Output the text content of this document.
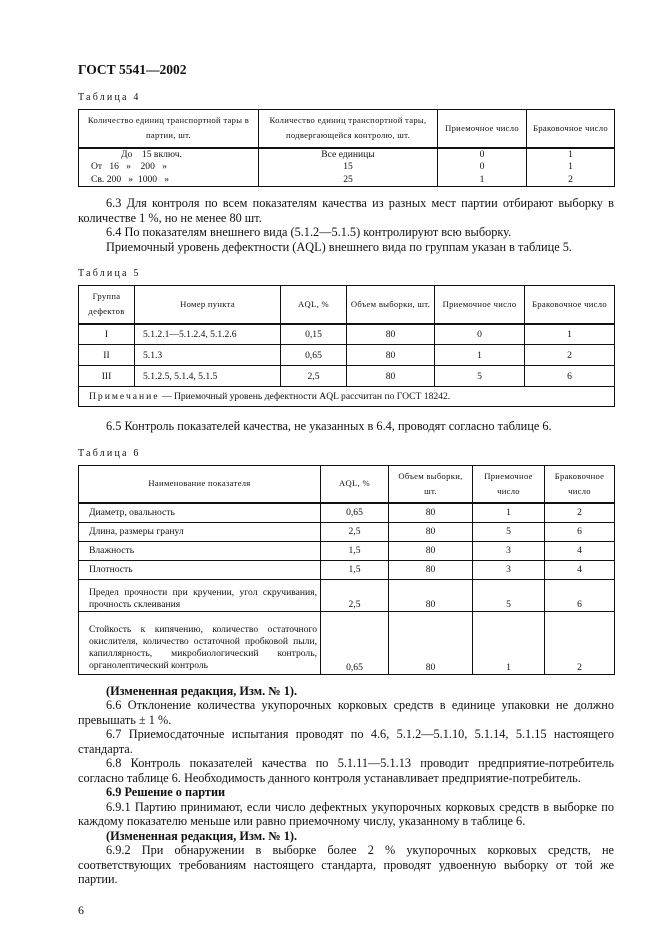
ГОСТ 5541—2002
Таблица 4
Количество единиц транспортной тары в партии, шт.	Количество единиц транспортной тары, подвергающейся контролю, шт.	Приемочное число	Браковочное число
До    15 включ.	Все единицы	0	1
От   16   »    200   »	15	0	1
Св. 200   »  1000   »	25	1	2
6.3 Для контроля по всем показателям качества из разных мест партии отбирают выборку в количестве 1 %, но не менее 80 шт.
6.4 По показателям внешнего вида (5.1.2—5.1.5) контролируют всю выборку.
Приемочный уровень дефектности (AQL) внешнего вида по группам указан в таблице 5.
Таблица 5
Группа дефектов	Номер пункта	AQL, %	Объем выборки, шт.	Приемочное число	Браковочное число
I	5.1.2.1—5.1.2.4, 5.1.2.6	0,15	80	0	1
II	5.1.3	0,65	80	1	2
III	5.1.2.5, 5.1.4, 5.1.5	2,5	80	5	6
Примечание — Приемочный уровень дефектности AQL рассчитан по ГОСТ 18242.					
6.5 Контроль показателей качества, не указанных в 6.4, проводят согласно таблице 6.
Таблица 6
Наименование показателя	AQL, %	Объем выборки, шт.	Приемочное число	Браковочное число
Диаметр, овальность	0,65	80	1	2
Длина, размеры гранул	2,5	80	5	6
Влажность	1,5	80	3	4
Плотность	1,5	80	3	4
Предел прочности при кручении, угол скручивания, прочность склеивания	2,5	80	5	6
Стойкость к кипячению, количество остаточного окислителя, количество остаточной пробковой пыли, капиллярность, микробиологический контроль, органолептический контроль	0,65	80	1	2
(Измененная редакция, Изм. № 1).
6.6 Отклонение количества укупорочных корковых средств в единице упаковки не должно превышать ± 1 %.
6.7 Приемосдаточные испытания проводят по 4.6, 5.1.2—5.1.10, 5.1.14, 5.1.15 настоящего стандарта.
6.8 Контроль показателей качества по 5.1.11—5.1.13 проводит предприятие-потребитель согласно таблице 6. Необходимость данного контроля устанавливает предприятие-потребитель.
6.9 Решение о партии
6.9.1 Партию принимают, если число дефектных укупорочных корковых средств в выборке по каждому показателю меньше или равно приемочному числу, указанному в таблице 6.
(Измененная редакция, Изм. № 1).
6.9.2 При обнаружении в выборке более 2 % укупорочных корковых средств, не соответствующих требованиям настоящего стандарта, проводят удвоенную выборку от той же партии.
6
